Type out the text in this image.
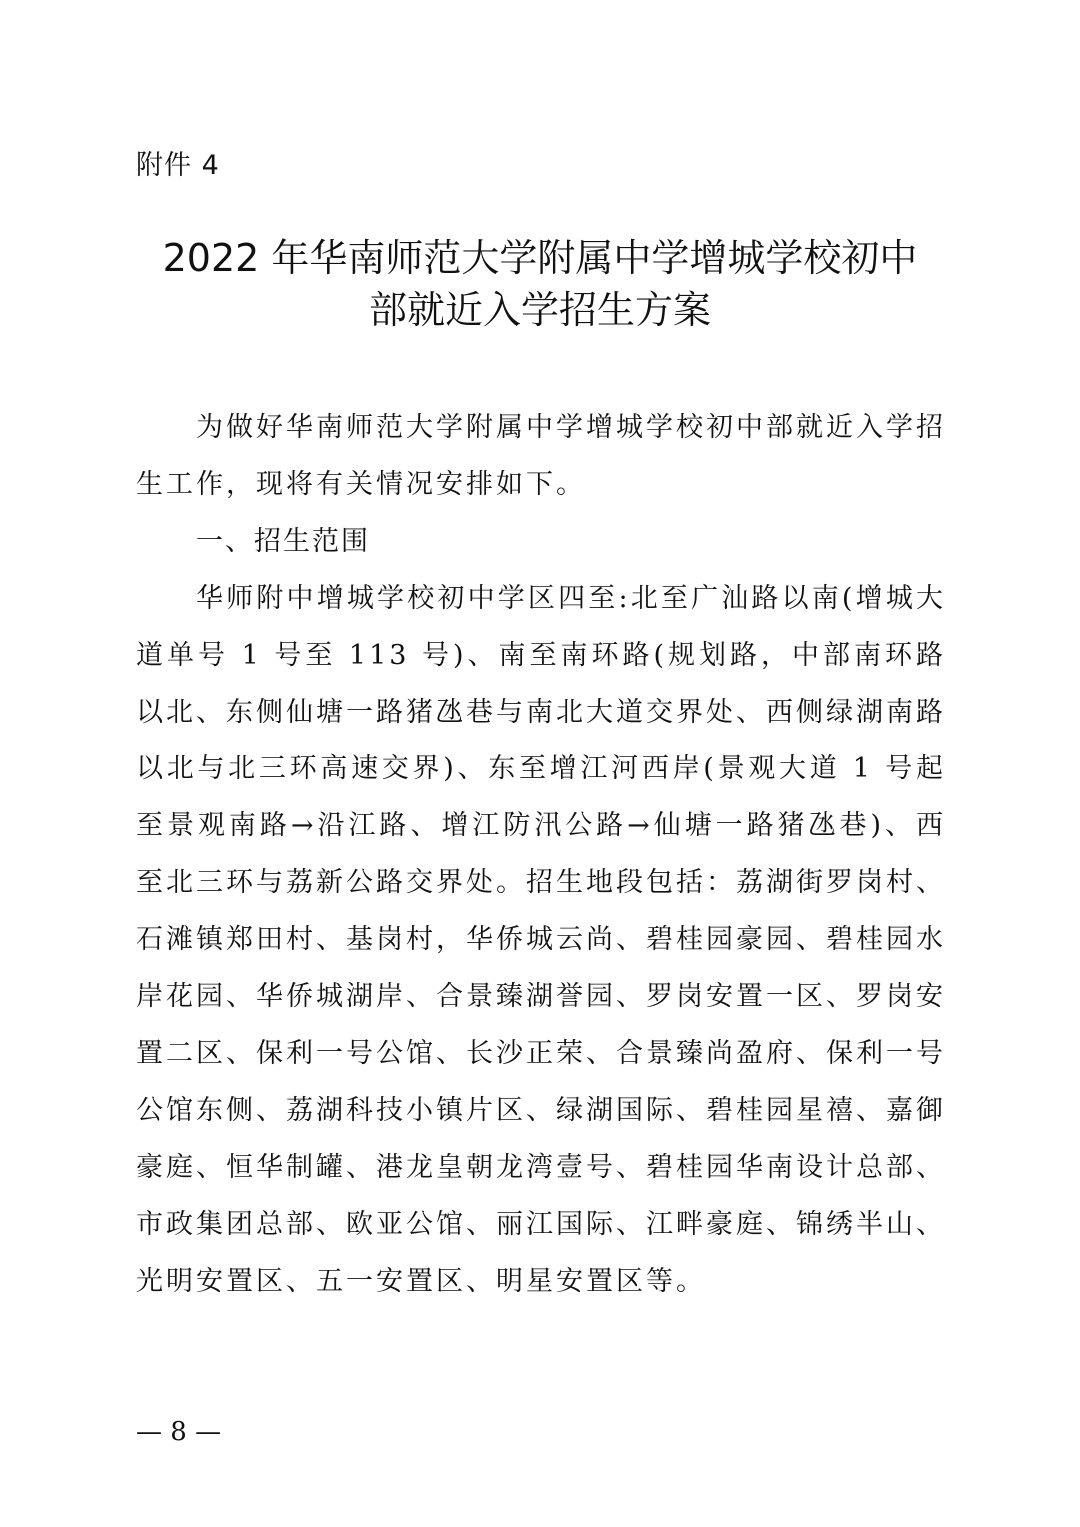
附件 4
2022 年华南师范大学附属中学增城学校初中
部就近入学招生方案

为做好华南师范大学附属中学增城学校初中部就近入学招生工作，现将有关情况安排如下。

一、招生范围

华师附中增城学校初中学区四至:北至广汕路以南(增城大道单号 1 号至 113 号)、南至南环路(规划路，中部南环路以北、东侧仙塘一路猪氹巷与南北大道交界处、西侧绿湖南路以北与北三环高速交界)、东至增江河西岸(景观大道 1 号起至景观南路→沿江路、增江防汛公路→仙塘一路猪氹巷)、西至北三环与荔新公路交界处。招生地段包括：荔湖街罗岗村、石滩镇郑田村、基岗村，华侨城云尚、碧桂园豪园、碧桂园水岸花园、华侨城湖岸、合景臻湖誉园、罗岗安置一区、罗岗安置二区、保利一号公馆、长沙正荣、合景臻尚盈府、保利一号公馆东侧、荔湖科技小镇片区、绿湖国际、碧桂园星禧、嘉御豪庭、恒华制罐、港龙皇朝龙湾壹号、碧桂园华南设计总部、市政集团总部、欧亚公馆、丽江国际、江畔豪庭、锦绣半山、光明安置区、五一安置区、明星安置区等。

— 8 —
